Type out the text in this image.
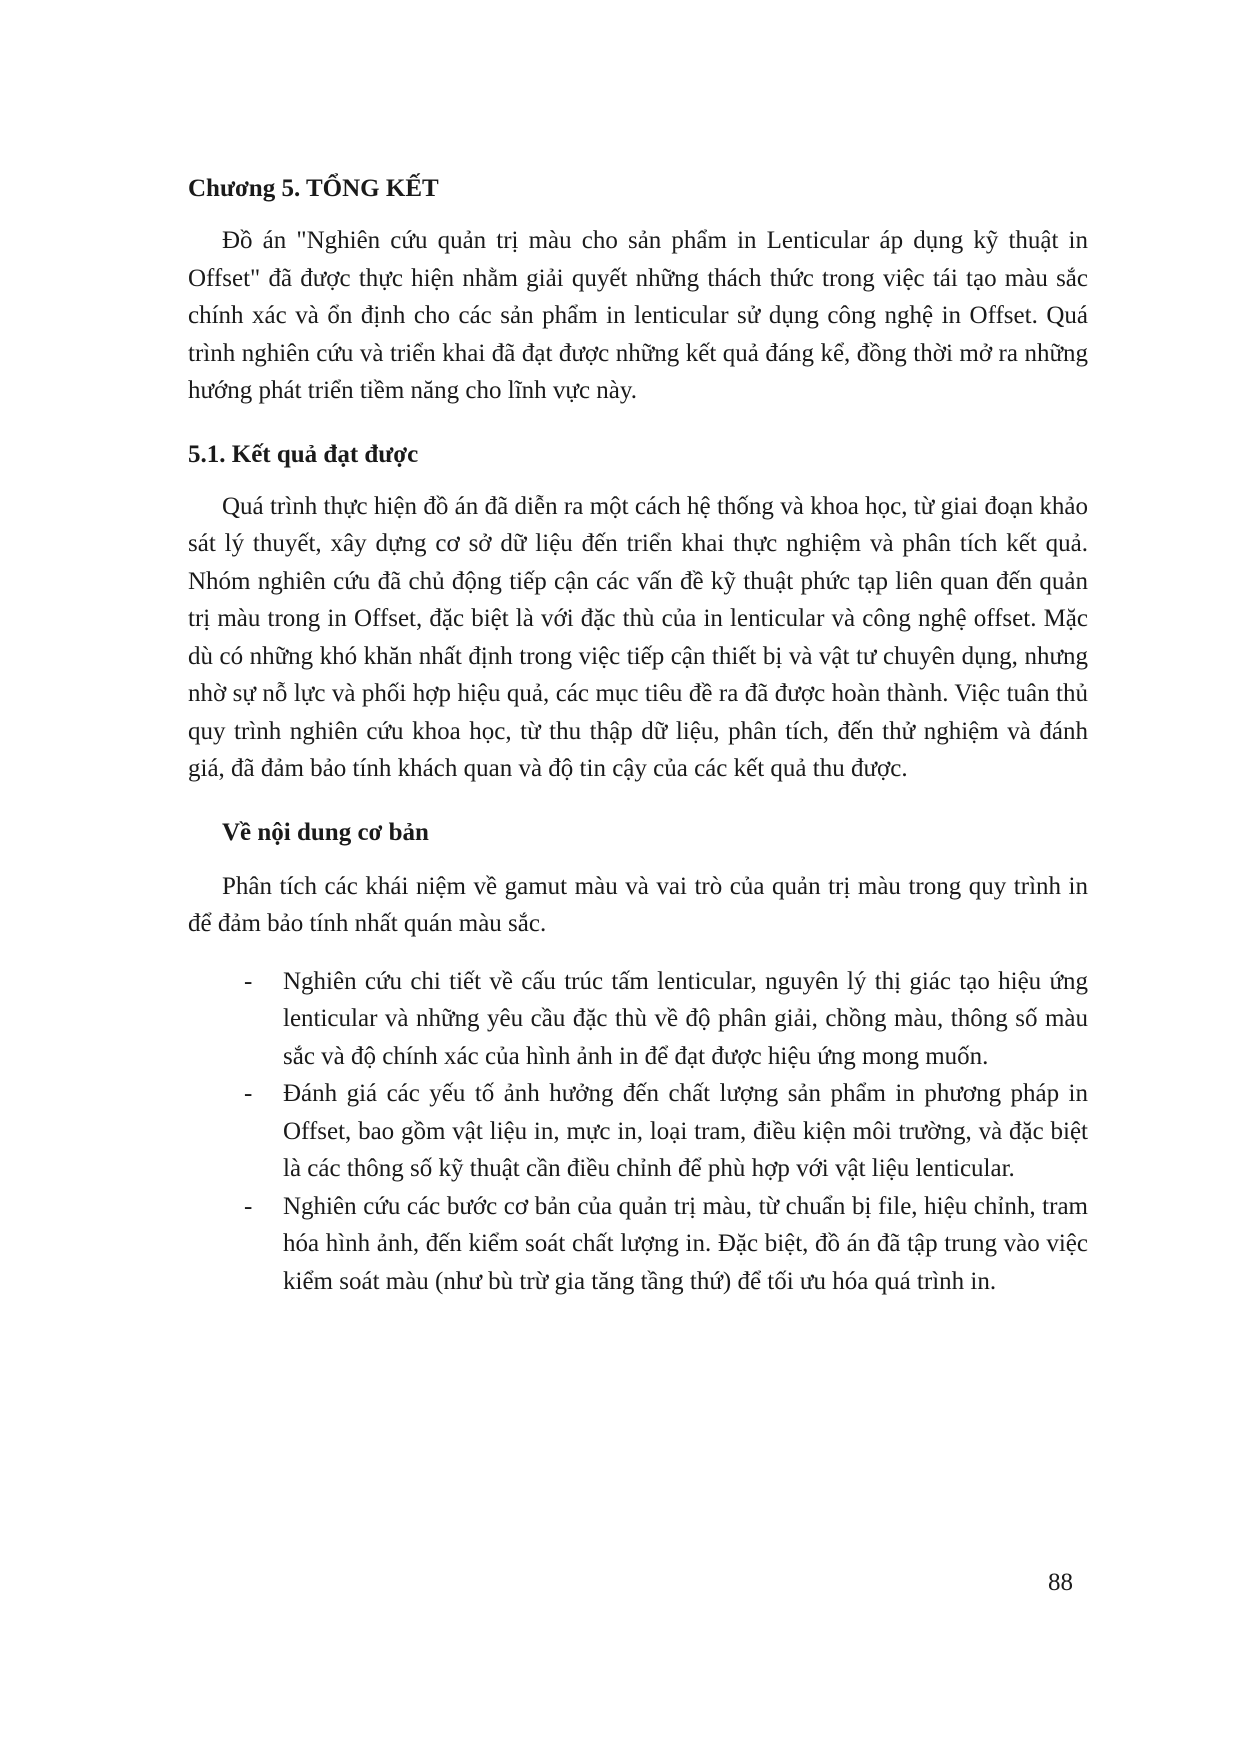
Chương 5. TỔNG KẾT

Đồ án "Nghiên cứu quản trị màu cho sản phẩm in Lenticular áp dụng kỹ thuật in Offset" đã được thực hiện nhằm giải quyết những thách thức trong việc tái tạo màu sắc chính xác và ổn định cho các sản phẩm in lenticular sử dụng công nghệ in Offset. Quá trình nghiên cứu và triển khai đã đạt được những kết quả đáng kể, đồng thời mở ra những hướng phát triển tiềm năng cho lĩnh vực này.

5.1. Kết quả đạt được

Quá trình thực hiện đồ án đã diễn ra một cách hệ thống và khoa học, từ giai đoạn khảo sát lý thuyết, xây dựng cơ sở dữ liệu đến triển khai thực nghiệm và phân tích kết quả. Nhóm nghiên cứu đã chủ động tiếp cận các vấn đề kỹ thuật phức tạp liên quan đến quản trị màu trong in Offset, đặc biệt là với đặc thù của in lenticular và công nghệ offset. Mặc dù có những khó khăn nhất định trong việc tiếp cận thiết bị và vật tư chuyên dụng, nhưng nhờ sự nỗ lực và phối hợp hiệu quả, các mục tiêu đề ra đã được hoàn thành. Việc tuân thủ quy trình nghiên cứu khoa học, từ thu thập dữ liệu, phân tích, đến thử nghiệm và đánh giá, đã đảm bảo tính khách quan và độ tin cậy của các kết quả thu được.

Về nội dung cơ bản

Phân tích các khái niệm về gamut màu và vai trò của quản trị màu trong quy trình in để đảm bảo tính nhất quán màu sắc.

- Nghiên cứu chi tiết về cấu trúc tấm lenticular, nguyên lý thị giác tạo hiệu ứng lenticular và những yêu cầu đặc thù về độ phân giải, chồng màu, thông số màu sắc và độ chính xác của hình ảnh in để đạt được hiệu ứng mong muốn.
- Đánh giá các yếu tố ảnh hưởng đến chất lượng sản phẩm in phương pháp in Offset, bao gồm vật liệu in, mực in, loại tram, điều kiện môi trường, và đặc biệt là các thông số kỹ thuật cần điều chỉnh để phù hợp với vật liệu lenticular.
- Nghiên cứu các bước cơ bản của quản trị màu, từ chuẩn bị file, hiệu chỉnh, tram hóa hình ảnh, đến kiểm soát chất lượng in. Đặc biệt, đồ án đã tập trung vào việc kiểm soát màu (như bù trừ gia tăng tầng thứ) để tối ưu hóa quá trình in.
88
